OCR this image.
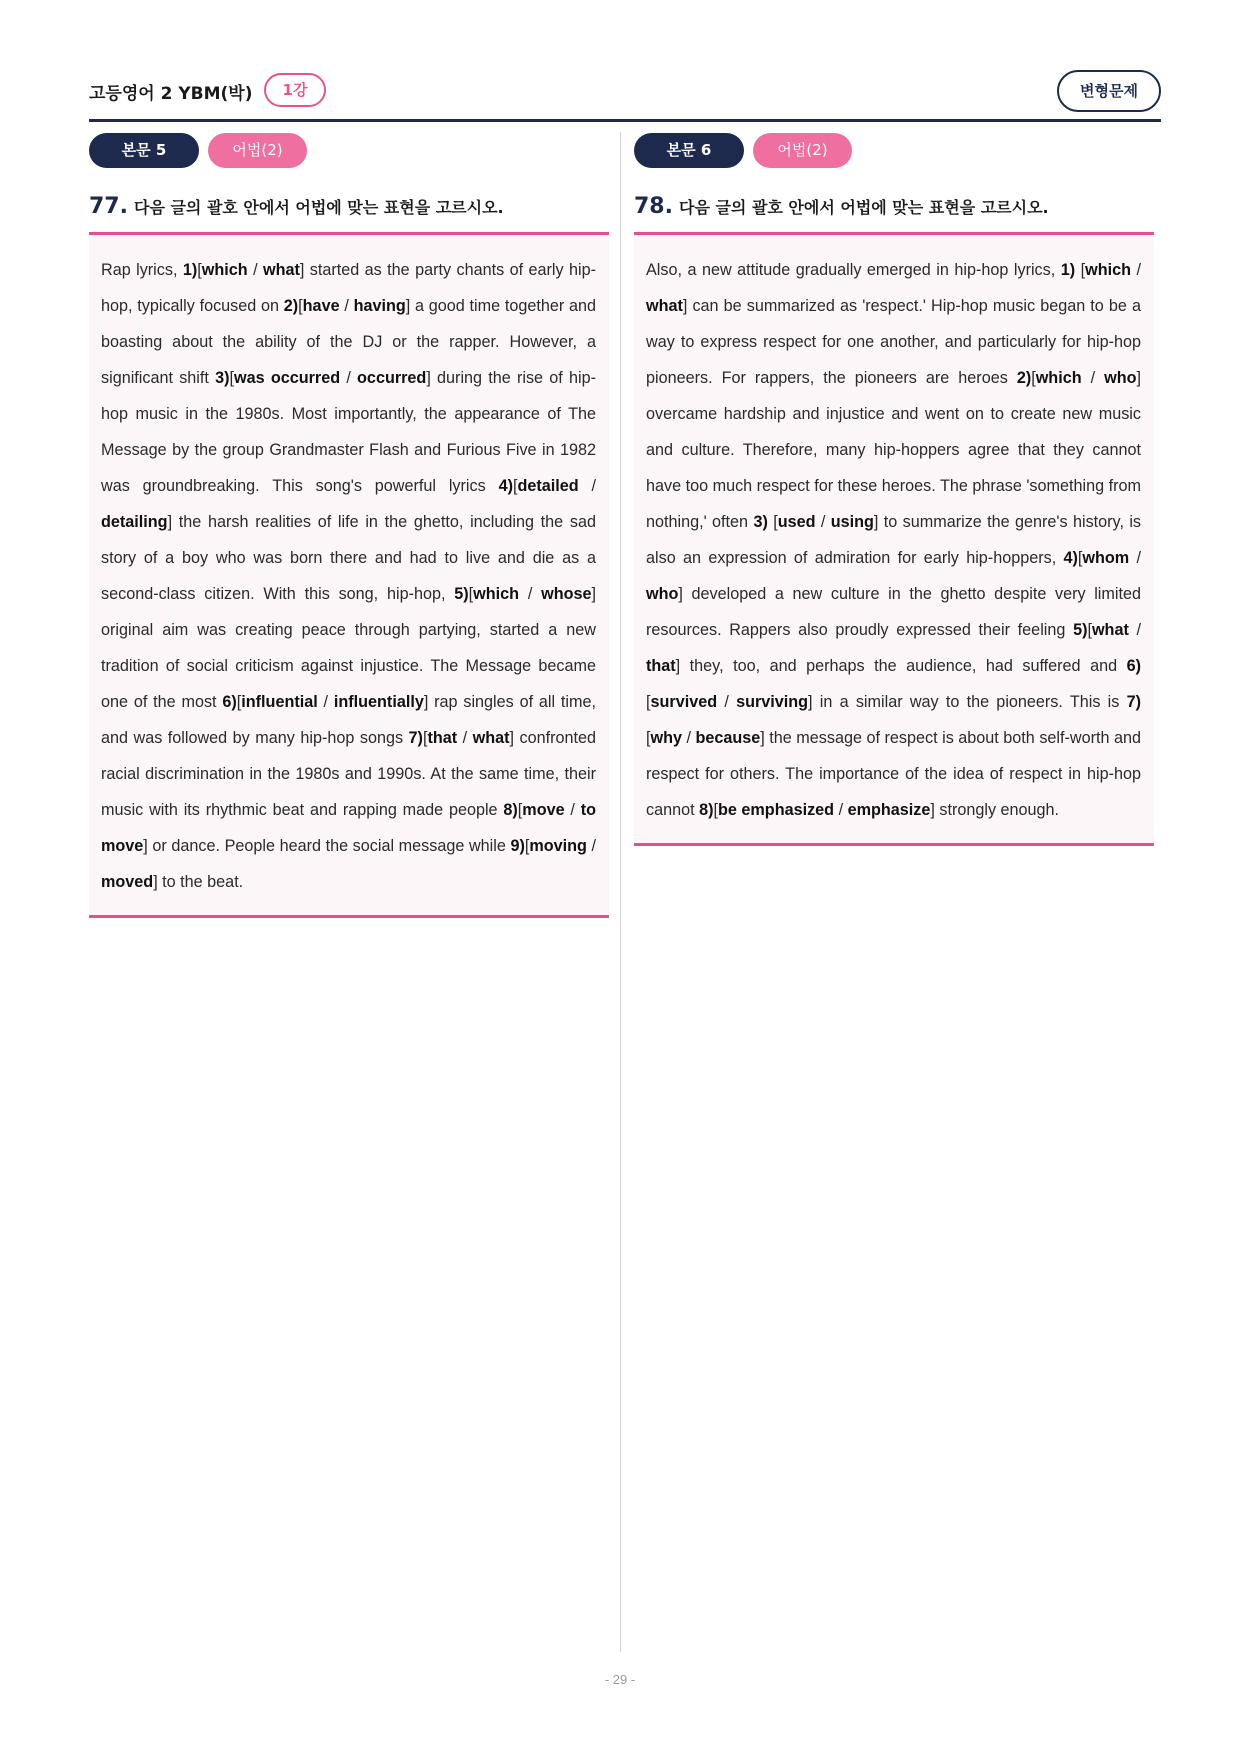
고등영어 2 YBM(박)	1강	변형문제
본문 5	어법(2)
77. 다음 글의 괄호 안에서 어법에 맞는 표현을 고르시오.

Rap lyrics, 1)[which / what] started as the party chants of early hip-hop, typically focused on 2)[have / having] a good time together and boasting about the ability of the DJ or the rapper. However, a significant shift 3)[was occurred / occurred] during the rise of hip-hop music in the 1980s. Most importantly, the appearance of The Message by the group Grandmaster Flash and Furious Five in 1982 was groundbreaking. This song's powerful lyrics 4)[detailed / detailing] the harsh realities of life in the ghetto, including the sad story of a boy who was born there and had to live and die as a second-class citizen. With this song, hip-hop, 5)[which / whose] original aim was creating peace through partying, started a new tradition of social criticism against injustice. The Message became one of the most 6)[influential / influentially] rap singles of all time, and was followed by many hip-hop songs 7)[that / what] confronted racial discrimination in the 1980s and 1990s. At the same time, their music with its rhythmic beat and rapping made people 8)[move / to move] or dance. People heard the social message while 9)[moving / moved] to the beat.

본문 6	어법(2)
78. 다음 글의 괄호 안에서 어법에 맞는 표현을 고르시오.

Also, a new attitude gradually emerged in hip-hop lyrics, 1) [which / what] can be summarized as 'respect.' Hip-hop music began to be a way to express respect for one another, and particularly for hip-hop pioneers. For rappers, the pioneers are heroes 2)[which / who] overcame hardship and injustice and went on to create new music and culture. Therefore, many hip-hoppers agree that they cannot have too much respect for these heroes. The phrase 'something from nothing,' often 3) [used / using] to summarize the genre's history, is also an expression of admiration for early hip-hoppers, 4)[whom / who] developed a new culture in the ghetto despite very limited resources. Rappers also proudly expressed their feeling 5)[what / that] they, too, and perhaps the audience, had suffered and 6)[survived / surviving] in a similar way to the pioneers. This is 7)[why / because] the message of respect is about both self-worth and respect for others. The importance of the idea of respect in hip-hop cannot 8)[be emphasized / emphasize] strongly enough.

- 29 -
